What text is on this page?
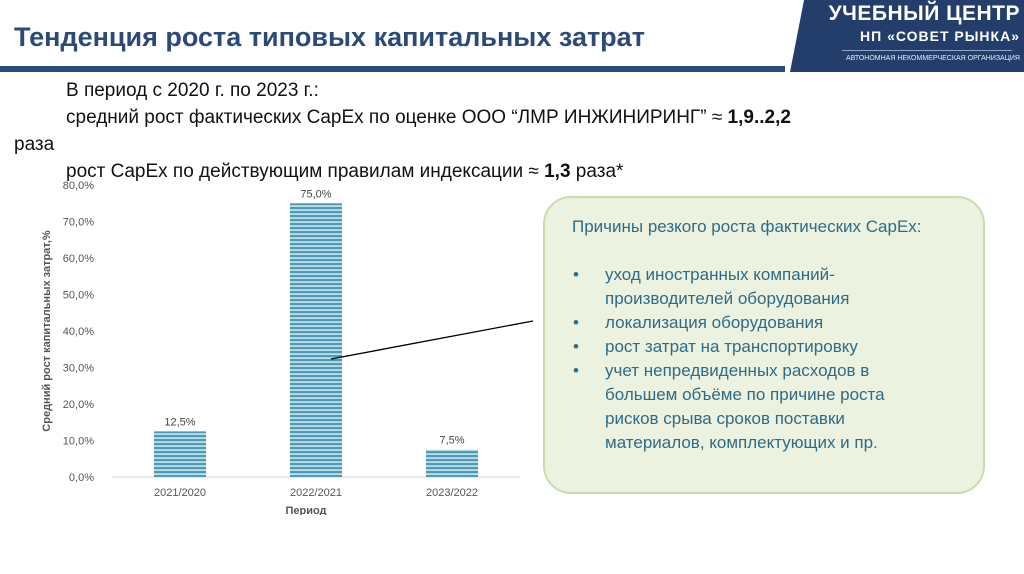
Тенденция роста типовых капитальных затрат
УЧЕБНЫЙ ЦЕНТР
НП «СОВЕТ РЫНКА»
АВТОНОМНАЯ НЕКОММЕРЧЕСКАЯ ОРГАНИЗАЦИЯ
В период с 2020 г. по 2023 г.:
средний рост фактических CapEx по оценке ООО “ЛМР ИНЖИНИРИНГ” ≈ 1,9..2,2
раза
рост CapEx по действующим правилам индексации ≈ 1,3 раза*
0,0%
10,0%
20,0%
30,0%
40,0%
50,0%
60,0%
70,0%
80,0%
12,5%
75,0%
7,5%
2021/2020	2022/2021	2023/2022
Период
Средний рост капитальных затрат,%
Причины резкого роста фактических CapEx:
• уход иностранных компаний-производителей оборудования
• локализация оборудования
• рост затрат на транспортировку
• учет непредвиденных расходов в большем объёме по причине роста рисков срыва сроков поставки материалов, комплектующих и пр.
